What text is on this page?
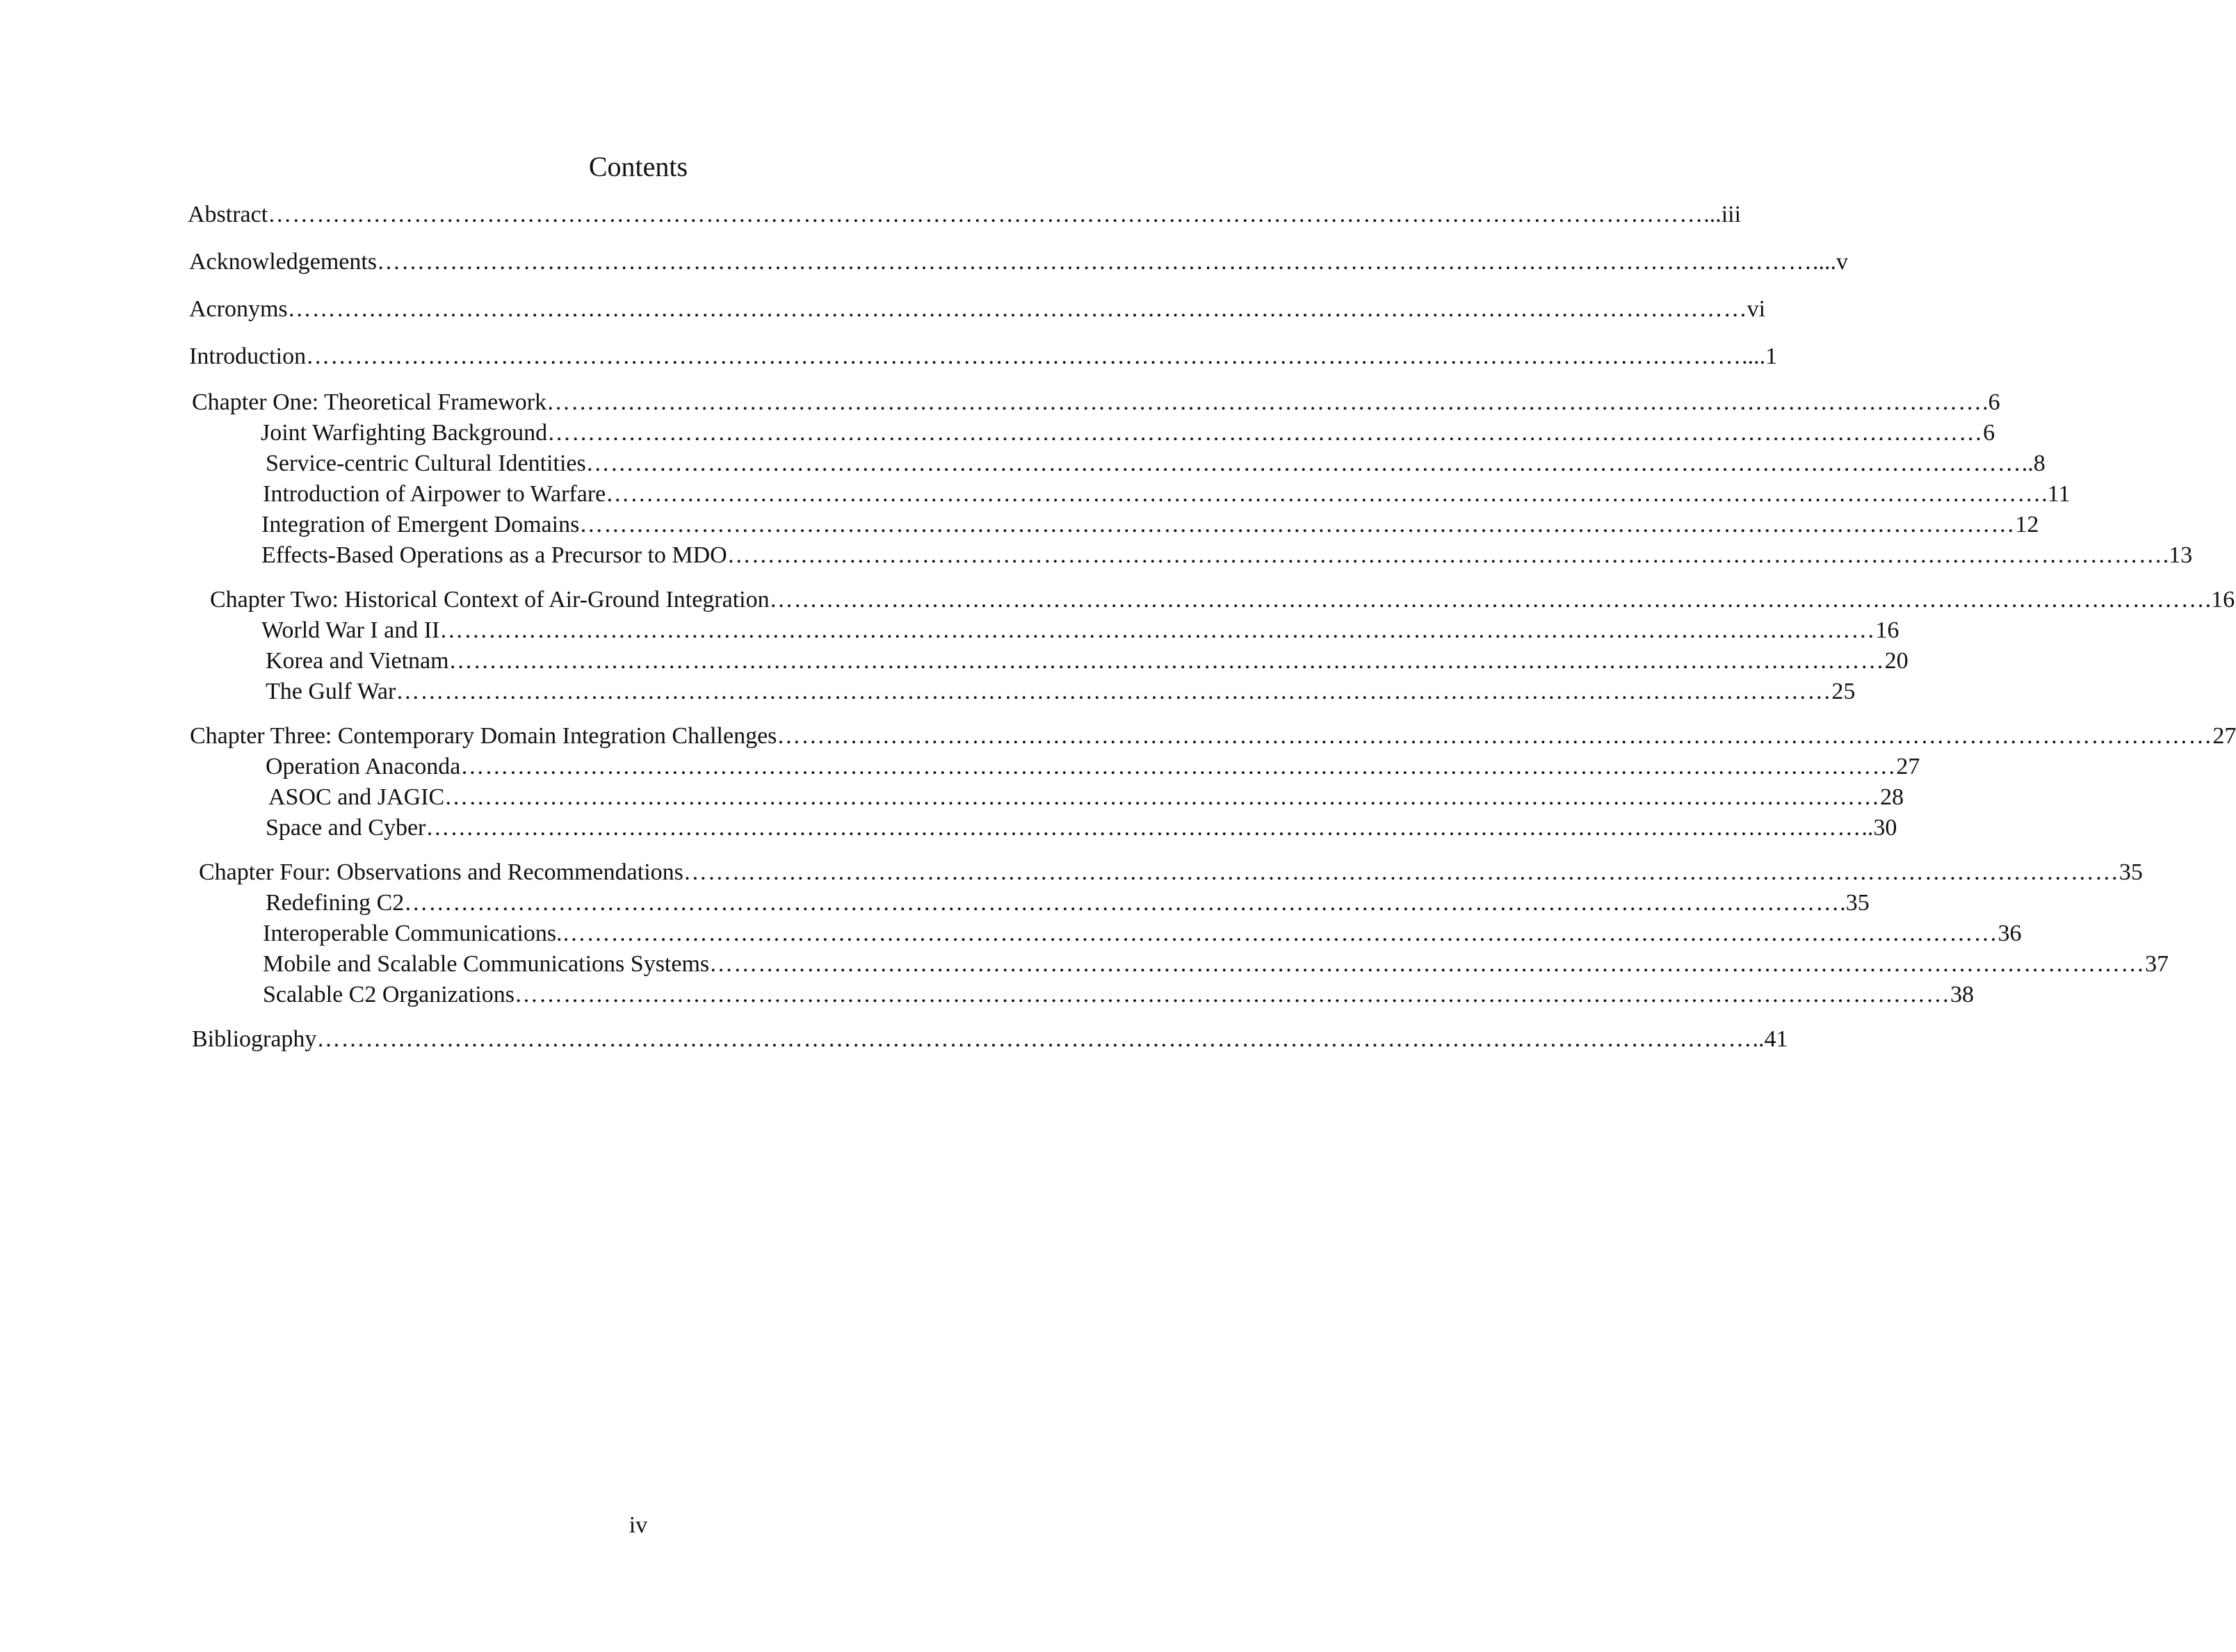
Contents
Abstract …………………………………………………………………………………………………………………………………………………………… ...iii
Acknowledgements …………………………………………………………………………………………………………………………………………………………… ....v
Acronyms …………………………………………………………………………………………………………………………………………………………… …vi
Introduction …………………………………………………………………………………………………………………………………………………………… ....1
Chapter One: Theoretical Framework …………………………………………………………………………………………………………………………………………………………… .6
Joint Warfighting Background …………………………………………………………………………………………………………………………………………………………… 6
Service-centric Cultural Identities …………………………………………………………………………………………………………………………………………………………… ..8
Introduction of Airpower to Warfare …………………………………………………………………………………………………………………………………………………………… .11
Integration of Emergent Domains …………………………………………………………………………………………………………………………………………………………… 12
Effects-Based Operations as a Precursor to MDO …………………………………………………………………………………………………………………………………………………………… .13
Chapter Two: Historical Context of Air-Ground Integration …………………………………………………………………………………………………………………………………………………………… .16
World War I and II …………………………………………………………………………………………………………………………………………………………… 16
Korea and Vietnam …………………………………………………………………………………………………………………………………………………………… 20
The Gulf War …………………………………………………………………………………………………………………………………………………………… 25
Chapter Three: Contemporary Domain Integration Challenges …………………………………………………………………………………………………………………………………………………………… 27
Operation Anaconda …………………………………………………………………………………………………………………………………………………………… 27
ASOC and JAGIC …………………………………………………………………………………………………………………………………………………………… 28
Space and Cyber …………………………………………………………………………………………………………………………………………………………… ..30
Chapter Four: Observations and Recommendations …………………………………………………………………………………………………………………………………………………………… 35
Redefining C2 …………………………………………………………………………………………………………………………………………………………… .35
Interoperable Communications. …………………………………………………………………………………………………………………………………………………………… 36
Mobile and Scalable Communications Systems …………………………………………………………………………………………………………………………………………………………… 37
Scalable C2 Organizations …………………………………………………………………………………………………………………………………………………………… 38
Bibliography …………………………………………………………………………………………………………………………………………………………… ..41
iv
